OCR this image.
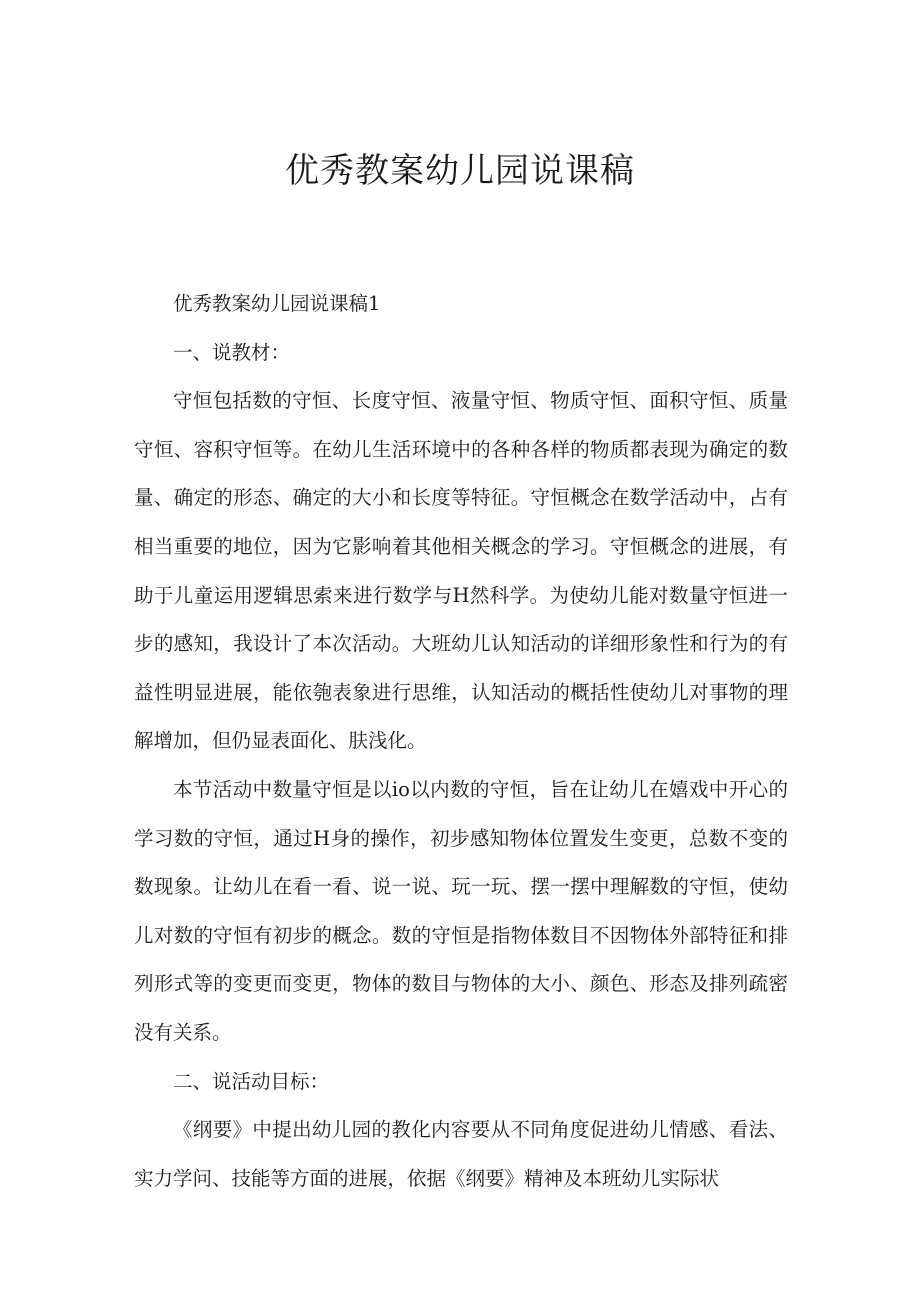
优秀教案幼儿园说课稿

优秀教案幼儿园说课稿1

一、说教材：

守恒包括数的守恒、长度守恒、液量守恒、物质守恒、面积守恒、质量守恒、容积守恒等。在幼儿生活环境中的各种各样的物质都表现为确定的数量、确定的形态、确定的大小和长度等特征。守恒概念在数学活动中，占有相当重要的地位，因为它影响着其他相关概念的学习。守恒概念的进展，有助于儿童运用逻辑思索来进行数学与H然科学。为使幼儿能对数量守恒进一步的感知，我设计了本次活动。大班幼儿认知活动的详细形象性和行为的有益性明显进展，能依匏表象进行思维，认知活动的概括性使幼儿对事物的理解增加，但仍显表面化、肤浅化。

本节活动中数量守恒是以io以内数的守恒，旨在让幼儿在嬉戏中开心的学习数的守恒，通过H身的操作，初步感知物体位置发生变更，总数不变的数现象。让幼儿在看一看、说一说、玩一玩、摆一摆中理解数的守恒，使幼儿对数的守恒有初步的概念。数的守恒是指物体数目不因物体外部特征和排列形式等的变更而变更，物体的数目与物体的大小、颜色、形态及排列疏密没有关系。

二、说活动目标：

《纲要》中提出幼儿园的教化内容要从不同角度促进幼儿情感、看法、实力学问、技能等方面的进展，依据《纲要》精神及本班幼儿实际状
